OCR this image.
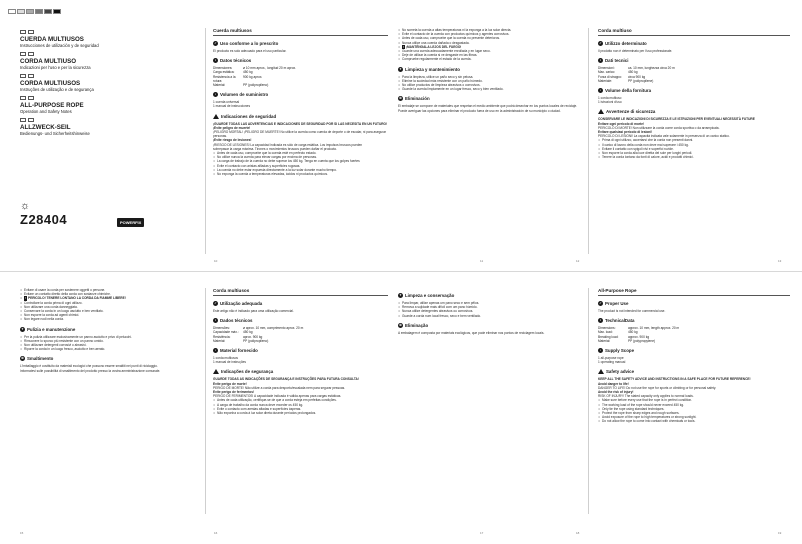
CUERDA MULTIUSOS
Instrucciones de utilización y de seguridad
CORDA MULTIUSO
Indicazioni per l'uso e per la sicurezza
CORDA MULTIUSOS
Instruções de utilização e de segurança
ALL-PURPOSE ROPE
Operation and Safety Notes
ALLZWECK-SEIL
Bedienungs- und Sicherheitshinweise
☼
Z28404	POWERFIX
Cuerda multiusos
✓ Uso conforme a lo prescrito
El producto es solo adecuado para el uso particular.
i Datos técnicos
Dimensiones:	ø 10 mm aprox., longitud 20 m aprox.
Carga estática:	450 kg
Resistencia a la rotura:
900 kg aprox.
Material:	PP (polipropileno)
▪ Volumen de suministro
1 cuerda universal
1 manual de instrucciones
Indicaciones de seguridad
¡GUARDE TODAS LAS ADVERTENCIAS E INDICACIONES DE SEGURIDAD POR SI LAS NECESITA EN UN FUTURO!
¡Evite peligro de muerte!
¡PELIGRO MORTAL! ¡PELIGRO DE MUERTE! No utilice la cuerda como cuerda de deporte o de escalar, ni para asegurar personas.
¡Evite riesgo de lesiones!
¡RIESGO DE LESIONES! La capacidad indicada es sólo de carga estática. Los impulsos bruscos pueden
sobrepasar la carga máxima. Tirones o movimientos bruscos pueden dañar el producto.
• Antes de cada uso, compruebe que la cuerda esté en perfecto estado.
• No utilice nunca la cuerda para elevar cargas por encima de personas.
• La carga de trabajo de la cuerda no debe superar los 450 kg. Tenga en cuenta que los golpes fuertes
• Evite el contacto con aristas afiladas y superficies rugosas.
• La cuerda no debe estar expuesta directamente a la luz solar durante mucho tiempo.
• No exponga la cuerda a temperaturas elevadas, ácidos ni productos químicos.
10
• No someta la cuerda a altas temperaturas ni la exponga a la luz solar directa.
• Evite el contacto de la cuerda con productos químicos y agentes corrosivos.
• Antes de cada uso, compruebe que la cuerda no presente deterioros.
• Nunca utilice una cuerda dañada o desgastada.
• ! ¡MANTÉNGALA LEJOS DEL FUEGO!
• Guarde una cuerda adecuadamente enrollada y en lugar seco.
• Deje de utilizar la cuerda si ve desgaste en las fibras.
• Compruebe regularmente el estado de la cuerda.
✦ Limpieza y mantenimiento
• Para la limpieza, utilice un paño seco y sin pelusa.
• Elimine la suciedad más resistente con un paño húmedo.
• No utilice productos de limpieza abrasivos o corrosivos.
• Guarde la cuerda limpiamente en un lugar fresco, seco y bien ventilado.
♻ Eliminación
El embalaje se compone de materiales que respetan el medio ambiente que podrá desechar en los puntos locales de reciclaje.
Puede averiguar las opciones para eliminar el producto fuera de uso en la administración de su municipio o ciudad.
11	12
Corda multiuso
✓ Utilizzo determinato
Il prodotto non è determinato per l'uso professionale.
i Dati tecnici
Dimensioni:	ca. 10 mm, lunghezza circa 20 m
Max. carico:	450 kg
Forza di strappo:	circa 900 kg
Materiale:	PP (polipropilene)
▪ Volume della fornitura
1 corda multiuso
1 istruzioni d'uso
Avvertenze di sicurezza
CONSERVARE LE INDICAZIONI DI SICUREZZA E LE ISTRUZIONI PER EVENTUALI NECESSITÀ FUTURE
Evitare ogni pericolo di morte!
PERICOLO DI MORTE! Non utilizzare la corda come corda sportiva o da arrampicata.
Evitare qualsiasi pericolo di lesioni!
PERICOLO DI LESIONI! La capacità indicata vale solamente in presenza di un carico statico.
• Prima di ogni utilizzo, accertarsi che la corda non presenti danni.
• Il carico di lavoro della corda non deve mai superare i 450 kg.
• Evitare il contatto con spigoli vivi e superfici ruvide.
• Non esporre la corda alla luce diretta del sole per lunghi periodi.
• Tenere la corda lontano da fonti di calore, acidi e prodotti chimici.
13
• Evitare di usare la corda per sostenere oggetti o persone.
• Evitare un contatto diretto della corda con sostanze chimiche.
• ! PERICOLO! TENERE LONTANO LA CORDA DA FIAMME LIBERE!
• Controllare la corda prima di ogni utilizzo.
• Non utilizzare una corda danneggiata.
• Conservare la corda in un luogo asciutto e ben ventilato.
• Non esporre la corda ad agenti chimici.
• Non legare nodi nella corda.
✦ Pulizia e manutenzione
• Per la pulizia utilizzare esclusivamente un panno asciutto e privo di pelucchi.
• Rimuovere lo sporco più resistente con un panno umido.
• Non utilizzare detergenti corrosivi o abrasivi.
• Riporre la corda in un luogo fresco, asciutto e ben aerato.
♻ Smaltimento
L'imballaggio è costituito da materiali ecologici che possono essere smaltiti nei punti di riciclaggio.
Informatevi sulle possibilità di smaltimento del prodotto presso la vostra amministrazione comunale.
15
Corda multiusos
✓ Utilização adequada
Este artigo não é indicado para uma utilização comercial.
i Dados técnicos
Dimensões:	ø aprox. 10 mm, comprimento aprox. 20 m
Capacidade máx.:	450 kg
Resistência:	aprox. 900 kg
Material:	PP (polipropileno)
▪ Material fornecido
1 corda multiusos
1 manual de instruções
Indicações de segurança
GUARDE TODAS AS INDICAÇÕES DE SEGURANÇA E INSTRUÇÕES PARA FUTURA CONSULTA!
Evite perigo de morte!
PERIGO DE MORTE! Não utilize a corda para desporto/escalada nem para segurar pessoas.
Evite perigo de ferimentos!
PERIGO DE FERIMENTOS! A capacidade indicada é válida apenas para cargas estáticas.
• Antes de cada utilização, certifique-se de que a corda esteja em perfeitas condições.
• A carga de trabalho da corda nunca deve exceder os 450 kg.
• Evite o contacto com arestas afiadas e superfícies ásperas.
• Não exponha a corda à luz solar direta durante períodos prolongados.
16
✦ Limpeza e conservação
• Para limpar, utilize apenas um pano seco e sem pêlos.
• Remova a sujidade mais difícil com um pano húmido.
• Nunca utilize detergentes abrasivos ou corrosivos.
• Guarde a corda num local fresco, seco e bem ventilado.
♻ Eliminação
A embalagem é composta por materiais ecológicos, que pode eliminar nos pontos de reciclagem locais.
17	18
All-Purpose Rope
✓ Proper Use
The product is not intended for commercial use.
i TechnicalData
Dimensions:	approx. 10 mm, length approx. 20 m
Max. load:	450 kg
Breaking load:	approx. 900 kg
Material:	PP (polypropylene)
▪ Supply Scope
1 all-purpose rope
1 operating manual
Safety advice
KEEP ALL THE SAFETY ADVICE AND INSTRUCTIONS IN A SAFE PLACE FOR FUTURE REFERENCE!
Avoid danger to life!
DANGER TO LIFE! Do not use the rope for sports or climbing or for personal safety.
Avoid the risk of injury!
RISK OF INJURY! The stated capacity only applies to normal loads.
• Make sure before every use that the rope is in perfect condition.
• The working load of the rope should never exceed 450 kg.
• Only tie the rope using standard techniques.
• Protect the rope from sharp edges and rough surfaces.
• Avoid exposure of the rope to high temperatures or strong sunlight.
• Do not allow the rope to come into contact with chemicals or tools.
19
